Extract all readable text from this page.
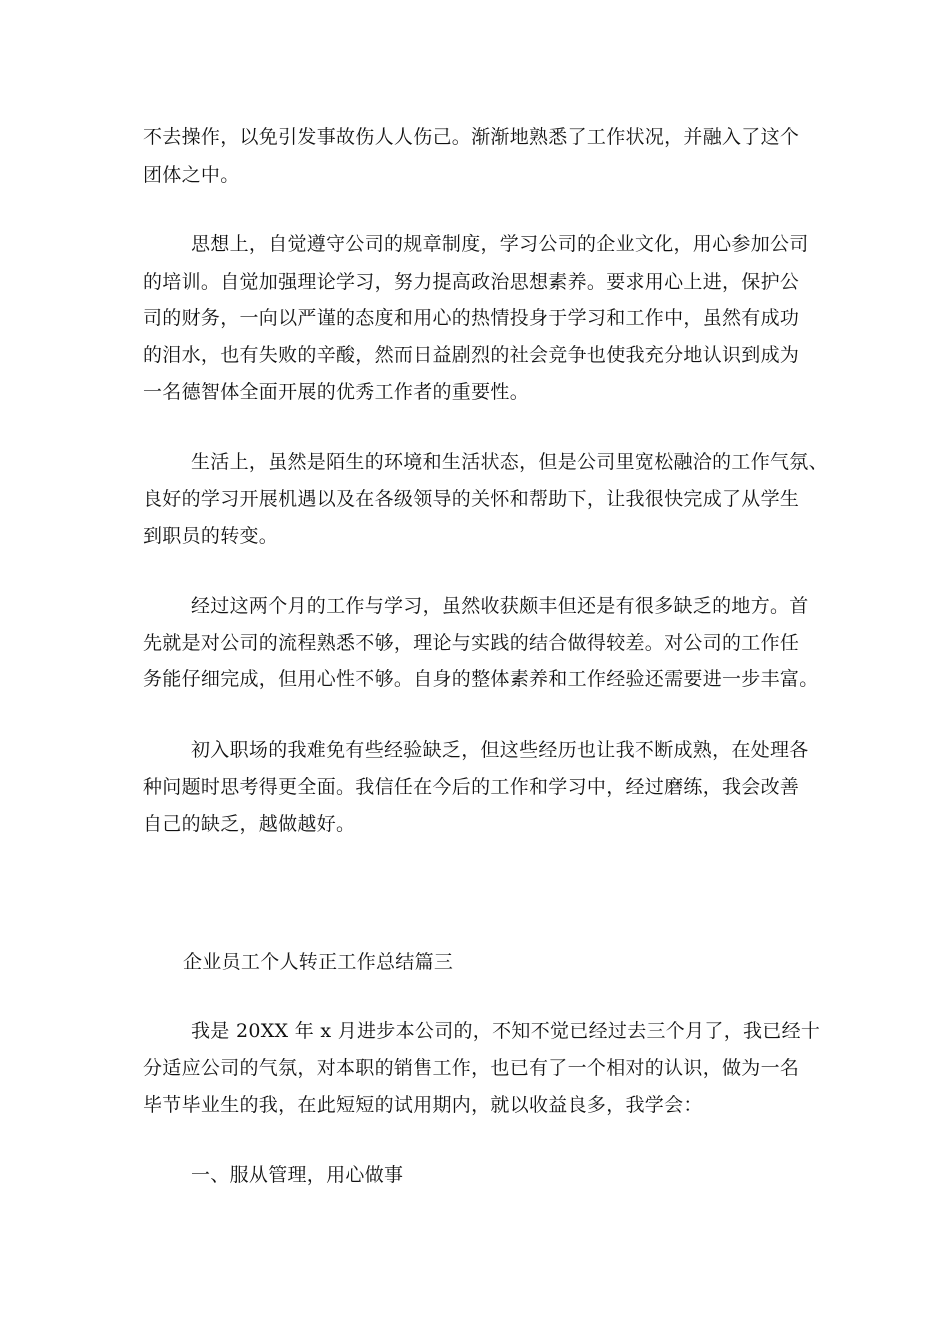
不去操作，以免引发事故伤人人伤己。渐渐地熟悉了工作状况，并融入了这个
团体之中。
思想上，自觉遵守公司的规章制度，学习公司的企业文化，用心参加公司
的培训。自觉加强理论学习，努力提高政治思想素养。要求用心上进，保护公
司的财务，一向以严谨的态度和用心的热情投身于学习和工作中，虽然有成功
的泪水，也有失败的辛酸，然而日益剧烈的社会竞争也使我充分地认识到成为
一名德智体全面开展的优秀工作者的重要性。
生活上，虽然是陌生的环境和生活状态，但是公司里宽松融洽的工作气氛、
良好的学习开展机遇以及在各级领导的关怀和帮助下，让我很快完成了从学生
到职员的转变。
经过这两个月的工作与学习，虽然收获颇丰但还是有很多缺乏的地方。首
先就是对公司的流程熟悉不够，理论与实践的结合做得较差。对公司的工作任
务能仔细完成，但用心性不够。自身的整体素养和工作经验还需要进一步丰富。
初入职场的我难免有些经验缺乏，但这些经历也让我不断成熟，在处理各
种问题时思考得更全面。我信任在今后的工作和学习中，经过磨练，我会改善
自己的缺乏，越做越好。
企业员工个人转正工作总结篇三
我是 20XX 年 x 月进步本公司的，不知不觉已经过去三个月了，我已经十
分适应公司的气氛，对本职的销售工作，也已有了一个相对的认识，做为一名
毕节毕业生的我，在此短短的试用期内，就以收益良多，我学会：
一、服从管理，用心做事
